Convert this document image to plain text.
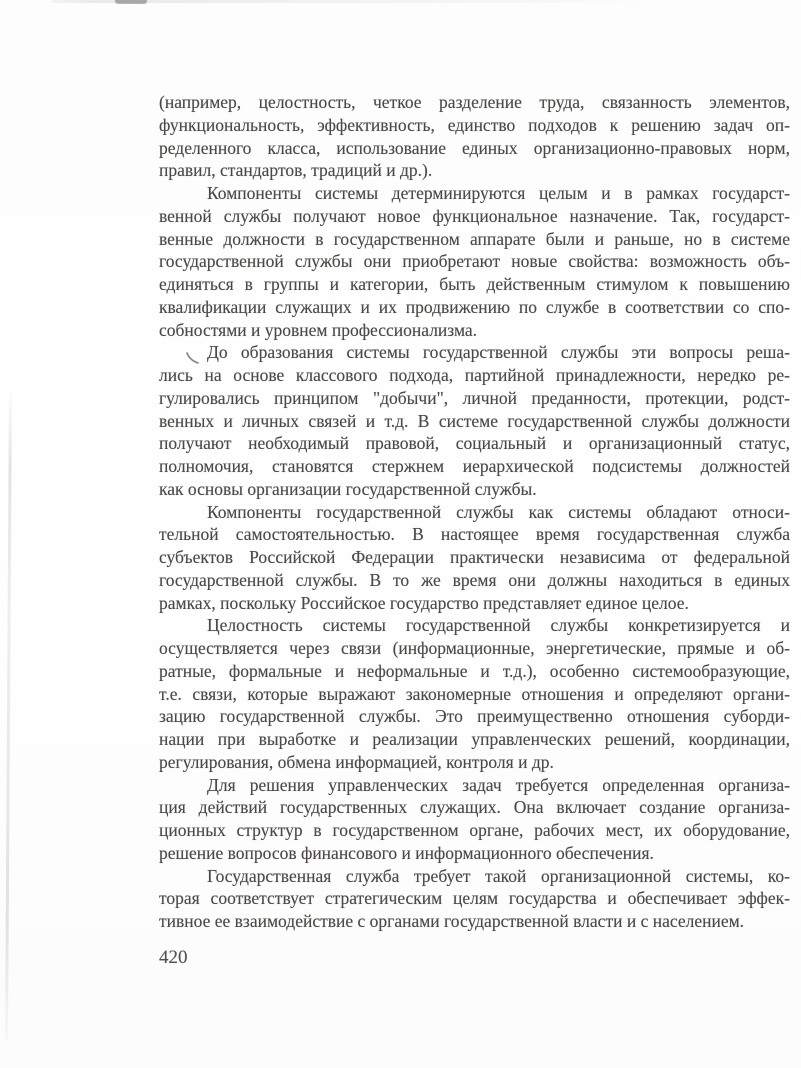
(например, целостность, четкое разделение труда, связанность элементов,
функциональность, эффективность, единство подходов к решению задач оп-
ределенного класса, использование единых организационно-правовых норм,
правил, стандартов, традиций и др.).
Компоненты системы детерминируются целым и в рамках государст-
венной службы получают новое функциональное назначение. Так, государст-
венные должности в государственном аппарате были и раньше, но в системе
государственной службы они приобретают новые свойства: возможность объ-
единяться в группы и категории, быть действенным стимулом к повышению
квалификации служащих и их продвижению по службе в соответствии со спо-
собностями и уровнем профессионализма.
До образования системы государственной службы эти вопросы реша-
лись на основе классового подхода, партийной принадлежности, нередко ре-
гулировались принципом "добычи", личной преданности, протекции, родст-
венных и личных связей и т.д. В системе государственной службы должности
получают необходимый правовой, социальный и организационный статус,
полномочия, становятся стержнем иерархической подсистемы должностей
как основы организации государственной службы.
Компоненты государственной службы как системы обладают относи-
тельной самостоятельностью. В настоящее время государственная служба
субъектов Российской Федерации практически независима от федеральной
государственной службы. В то же время они должны находиться в единых
рамках, поскольку Российское государство представляет единое целое.
Целостность системы государственной службы конкретизируется и
осуществляется через связи (информационные, энергетические, прямые и об-
ратные, формальные и неформальные и т.д.), особенно системообразующие,
т.е. связи, которые выражают закономерные отношения и определяют органи-
зацию государственной службы. Это преимущественно отношения суборди-
нации при выработке и реализации управленческих решений, координации,
регулирования, обмена информацией, контроля и др.
Для решения управленческих задач требуется определенная организа-
ция действий государственных служащих. Она включает создание организа-
ционных структур в государственном органе, рабочих мест, их оборудование,
решение вопросов финансового и информационного обеспечения.
Государственная служба требует такой организационной системы, ко-
торая соответствует стратегическим целям государства и обеспечивает эффек-
тивное ее взаимодействие с органами государственной власти и с населением.
420
